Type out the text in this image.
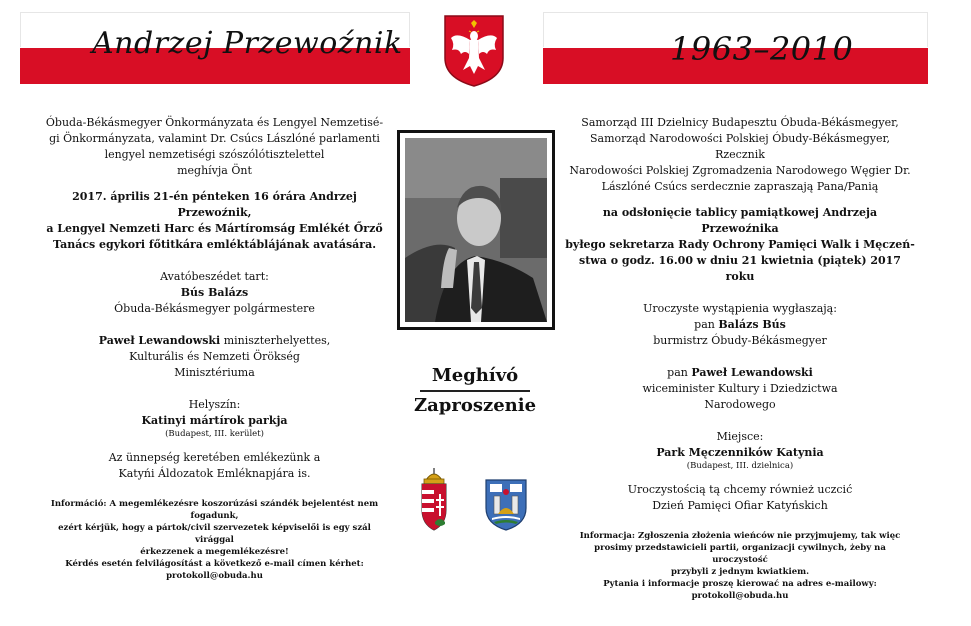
Andrzej Przewoźnik	1963–2010

Óbuda-Békásmegyer Önkormányzata és Lengyel Nemzetisé-

gi Önkormányzata, valamint Dr. Csúcs Lászlóné parlamenti

lengyel nemzetiségi szószólótisztelettel

meghívja Önt

2017. április 21-én pénteken 16 órára Andrzej Przewoźnik,

a Lengyel Nemzeti Harc és Mártíromság Emlékét Őrző

Tanács egykori főtitkára emléktáblájának avatására.

Avatóbeszédet tart:

Bús Balázs

Óbuda-Békásmegyer polgármestere

Paweł Lewandowski miniszterhelyettes,

Kulturális és Nemzeti Örökség

Minisztériuma

Helyszín:

Katinyi mártírok parkja

(Budapest, III. kerület)

Az ünnepség keretében emlékezünk a

Katyńi Áldozatok Emléknapjára is.

Információ: A megemlékezésre koszorúzási szándék bejelentést nem fogadunk,

ezért kérjük, hogy a pártok/civil szervezetek képviselői is egy szál virággal

érkezzenek a megemlékezésre!

Kérdés esetén felvilágosítást a következő e-mail címen kérhet:

protokoll@obuda.hu

Meghívó
Zaproszenie

Samorząd III Dzielnicy Budapesztu Óbuda-Békásmegyer,

Samorząd Narodowości Polskiej Óbudy-Békásmegyer, Rzecznik

Narodowości Polskiej Zgromadzenia Narodowego Węgier Dr.

Lászlóné Csúcs serdecznie zapraszają Pana/Panią

na odsłonięcie tablicy pamiątkowej Andrzeja Przewoźnika

byłego sekretarza Rady Ochrony Pamięci Walk i Męczeń-

stwa o godz. 16.00 w dniu 21 kwietnia (piątek) 2017 roku

Uroczyste wystąpienia wygłaszają:

pan Balázs Bús

burmistrz Óbudy-Békásmegyer

pan Paweł Lewandowski

wiceminister Kultury i Dziedzictwa

Narodowego

Miejsce:

Park Męczenników Katynia

(Budapest, III. dzielnica)

Uroczystością tą chcemy również uczcić

Dzień Pamięci Ofiar Katyńskich

Informacja: Zgłoszenia złożenia wieńców nie przyjmujemy, tak więc

prosimy przedstawicieli partii, organizacji cywilnych, żeby na uroczystość

przybyli z jednym kwiatkiem.

Pytania i informacje proszę kierować na adres e-mailowy:

protokoll@obuda.hu
